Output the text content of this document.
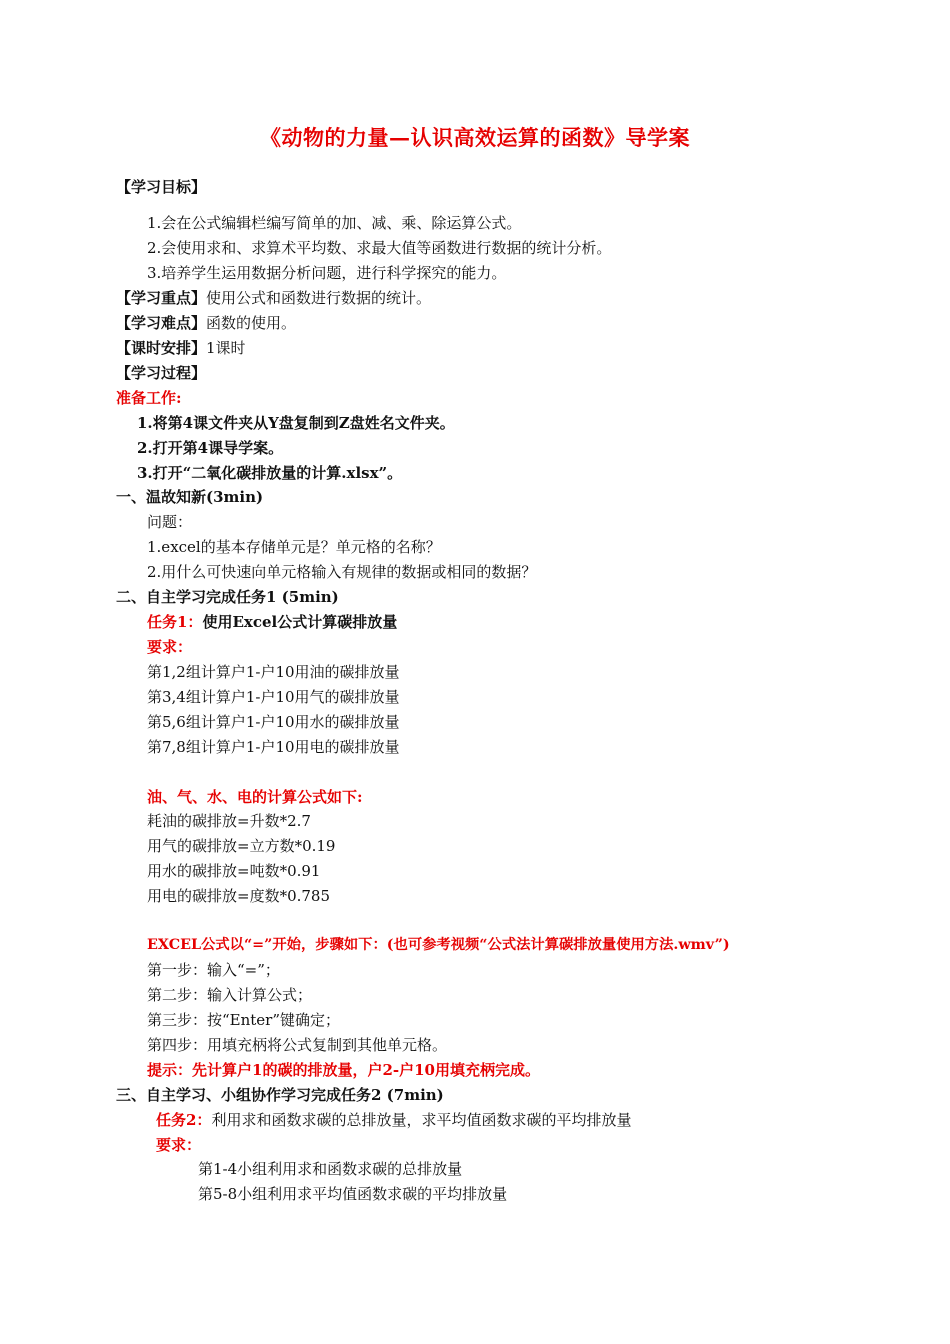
《动物的力量—认识高效运算的函数》导学案
【学习目标】
1.会在公式编辑栏编写简单的加、减、乘、除运算公式。
2.会使用求和、求算术平均数、求最大值等函数进行数据的统计分析。
3.培养学生运用数据分析问题，进行科学探究的能力。
【学习重点】使用公式和函数进行数据的统计。
【学习难点】函数的使用。
【课时安排】1课时
【学习过程】
准备工作:
1.将第4课文件夹从Y盘复制到Z盘姓名文件夹。
2.打开第4课导学案。
3.打开“二氧化碳排放量的计算.xlsx”。
一、温故知新(3min)
问题：
1.excel的基本存储单元是？单元格的名称？
2.用什么可快速向单元格输入有规律的数据或相同的数据？
二、自主学习完成任务1 (5min)
任务1：使用Excel公式计算碳排放量
要求：
第1,2组计算户1-户10用油的碳排放量
第3,4组计算户1-户10用气的碳排放量
第5,6组计算户1-户10用水的碳排放量
第7,8组计算户1-户10用电的碳排放量
油、气、水、电的计算公式如下:
耗油的碳排放=升数*2.7
用气的碳排放=立方数*0.19
用水的碳排放=吨数*0.91
用电的碳排放=度数*0.785
EXCEL公式以“=”开始，步骤如下：(也可参考视频“公式法计算碳排放量使用方法.wmv”)
第一步：输入“=”；
第二步：输入计算公式；
第三步：按“Enter”键确定；
第四步：用填充柄将公式复制到其他单元格。
提示：先计算户1的碳的排放量，户2-户10用填充柄完成。
三、自主学习、小组协作学习完成任务2 (7min)
任务2：利用求和函数求碳的总排放量，求平均值函数求碳的平均排放量
要求：
第1-4小组利用求和函数求碳的总排放量
第5-8小组利用求平均值函数求碳的平均排放量
